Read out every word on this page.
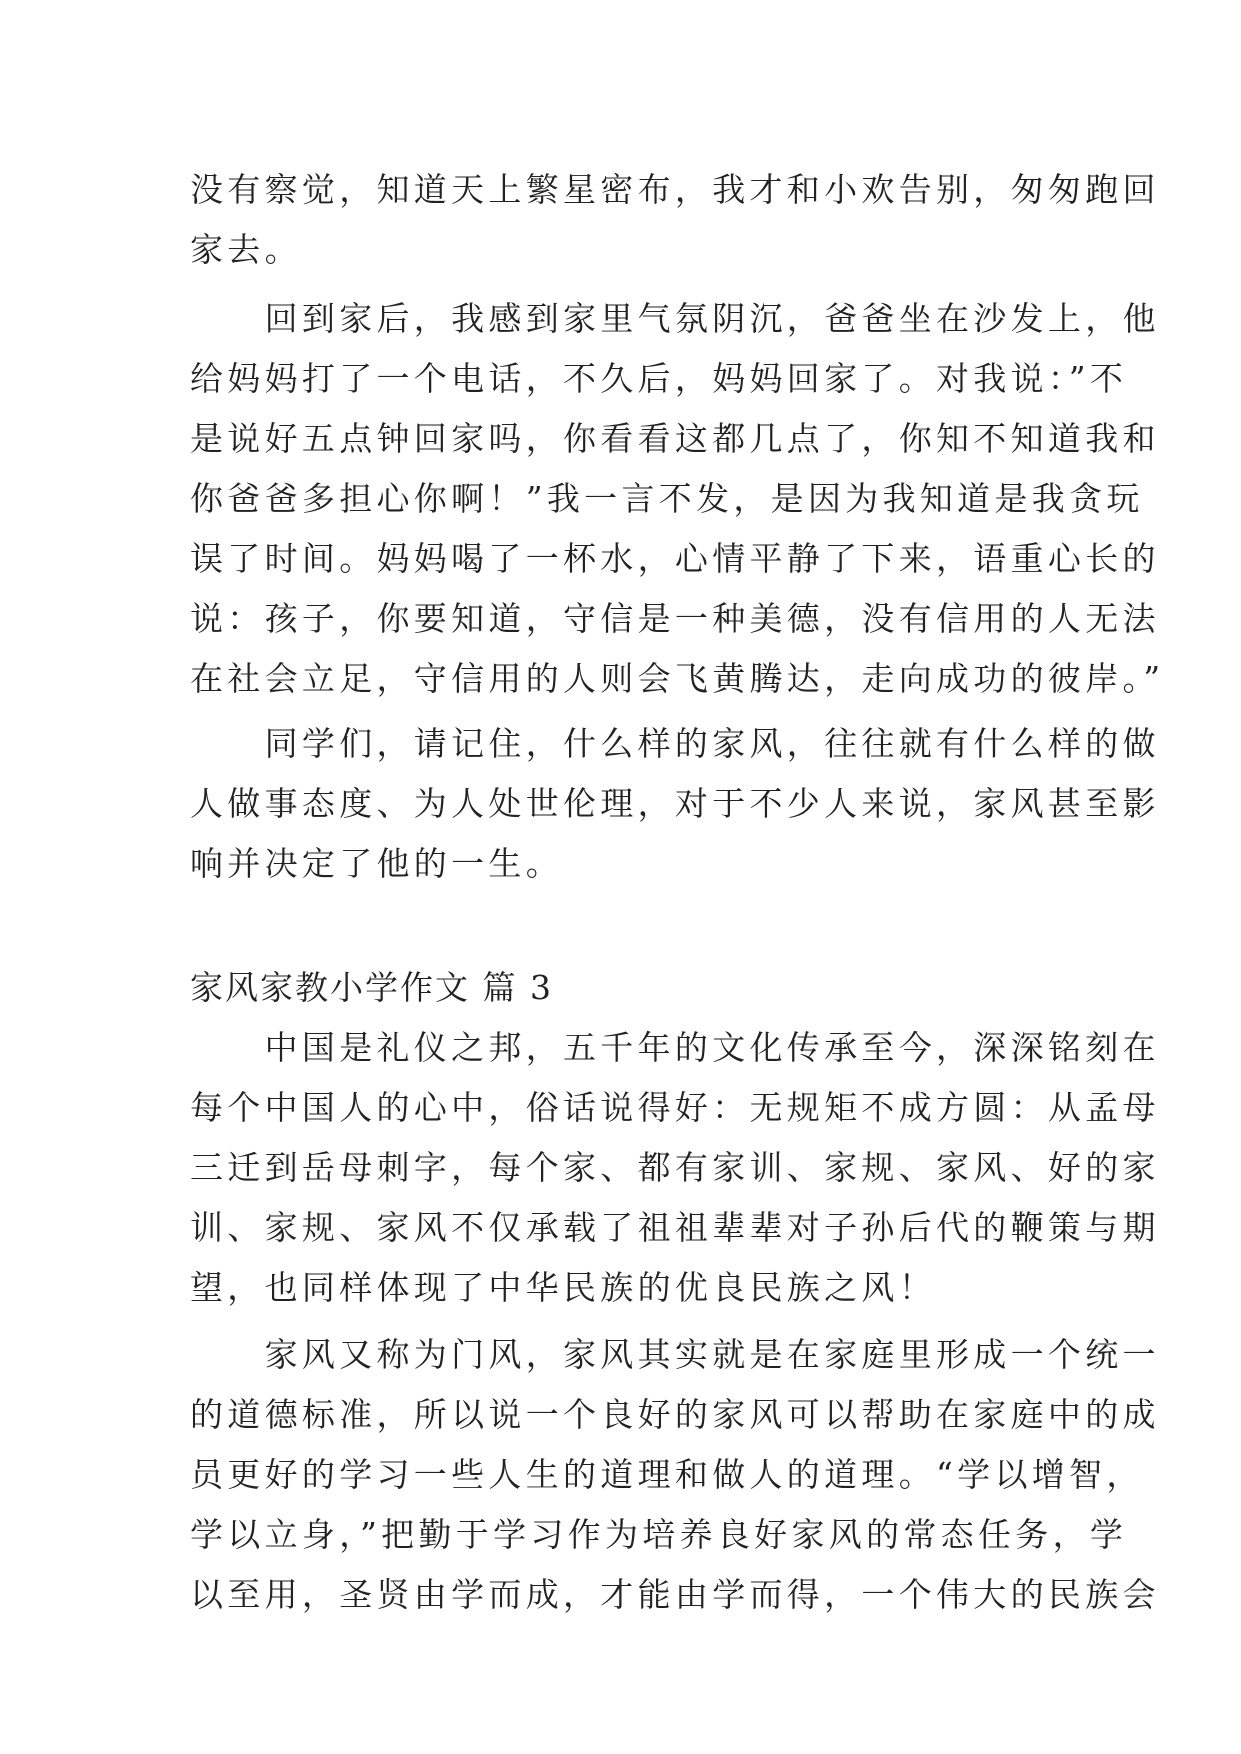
没有察觉，知道天上繁星密布，我才和小欢告别，匆匆跑回
家去。
　　回到家后，我感到家里气氛阴沉，爸爸坐在沙发上，他
给妈妈打了一个电话，不久后，妈妈回家了。对我说：”不
是说好五点钟回家吗，你看看这都几点了，你知不知道我和
你爸爸多担心你啊！”我一言不发，是因为我知道是我贪玩
误了时间。妈妈喝了一杯水，心情平静了下来，语重心长的
说：孩子，你要知道，守信是一种美德，没有信用的人无法
在社会立足，守信用的人则会飞黄腾达，走向成功的彼岸。”
　　同学们，请记住，什么样的家风，往往就有什么样的做
人做事态度、为人处世伦理，对于不少人来说，家风甚至影
响并决定了他的一生。
家风家教小学作文 篇 3
　　中国是礼仪之邦，五千年的文化传承至今，深深铭刻在
每个中国人的心中，俗话说得好：无规矩不成方圆：从孟母
三迁到岳母刺字，每个家、都有家训、家规、家风、好的家
训、家规、家风不仅承载了祖祖辈辈对子孙后代的鞭策与期
望，也同样体现了中华民族的优良民族之风！
　　家风又称为门风，家风其实就是在家庭里形成一个统一
的道德标准，所以说一个良好的家风可以帮助在家庭中的成
员更好的学习一些人生的道理和做人的道理。“学以增智，
学以立身，”把勤于学习作为培养良好家风的常态任务，学
以至用，圣贤由学而成，才能由学而得，一个伟大的民族会
